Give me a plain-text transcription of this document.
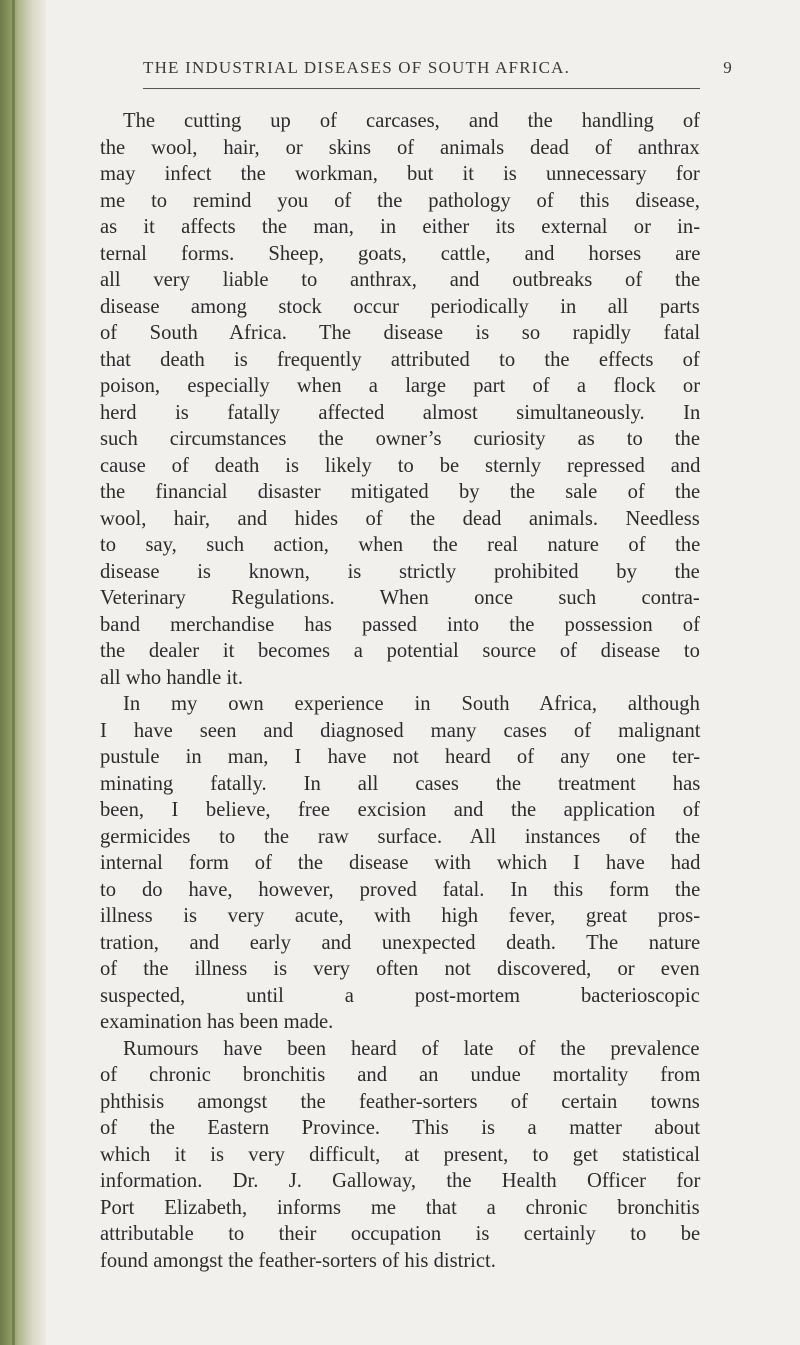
THE INDUSTRIAL DISEASES OF SOUTH AFRICA.	9
The cutting up of carcases, and the handling of
the wool, hair, or skins of animals dead of anthrax
may infect the workman, but it is unnecessary for
me to remind you of the pathology of this disease,
as it affects the man, in either its external or in-
ternal forms. Sheep, goats, cattle, and horses are
all very liable to anthrax, and outbreaks of the
disease among stock occur periodically in all parts
of South Africa. The disease is so rapidly fatal
that death is frequently attributed to the effects of
poison, especially when a large part of a flock or
herd is fatally affected almost simultaneously. In
such circumstances the owner’s curiosity as to the
cause of death is likely to be sternly repressed and
the financial disaster mitigated by the sale of the
wool, hair, and hides of the dead animals. Needless
to say, such action, when the real nature of the
disease is known, is strictly prohibited by the
Veterinary Regulations. When once such contra-
band merchandise has passed into the possession of
the dealer it becomes a potential source of disease to
all who handle it.
In my own experience in South Africa, although
I have seen and diagnosed many cases of malignant
pustule in man, I have not heard of any one ter-
minating fatally. In all cases the treatment has
been, I believe, free excision and the application of
germicides to the raw surface. All instances of the
internal form of the disease with which I have had
to do have, however, proved fatal. In this form the
illness is very acute, with high fever, great pros-
tration, and early and unexpected death. The nature
of the illness is very often not discovered, or even
suspected, until a post-mortem bacterioscopic
examination has been made.
Rumours have been heard of late of the prevalence
of chronic bronchitis and an undue mortality from
phthisis amongst the feather-sorters of certain towns
of the Eastern Province. This is a matter about
which it is very difficult, at present, to get statistical
information. Dr. J. Galloway, the Health Officer for
Port Elizabeth, informs me that a chronic bronchitis
attributable to their occupation is certainly to be
found amongst the feather-sorters of his district.
